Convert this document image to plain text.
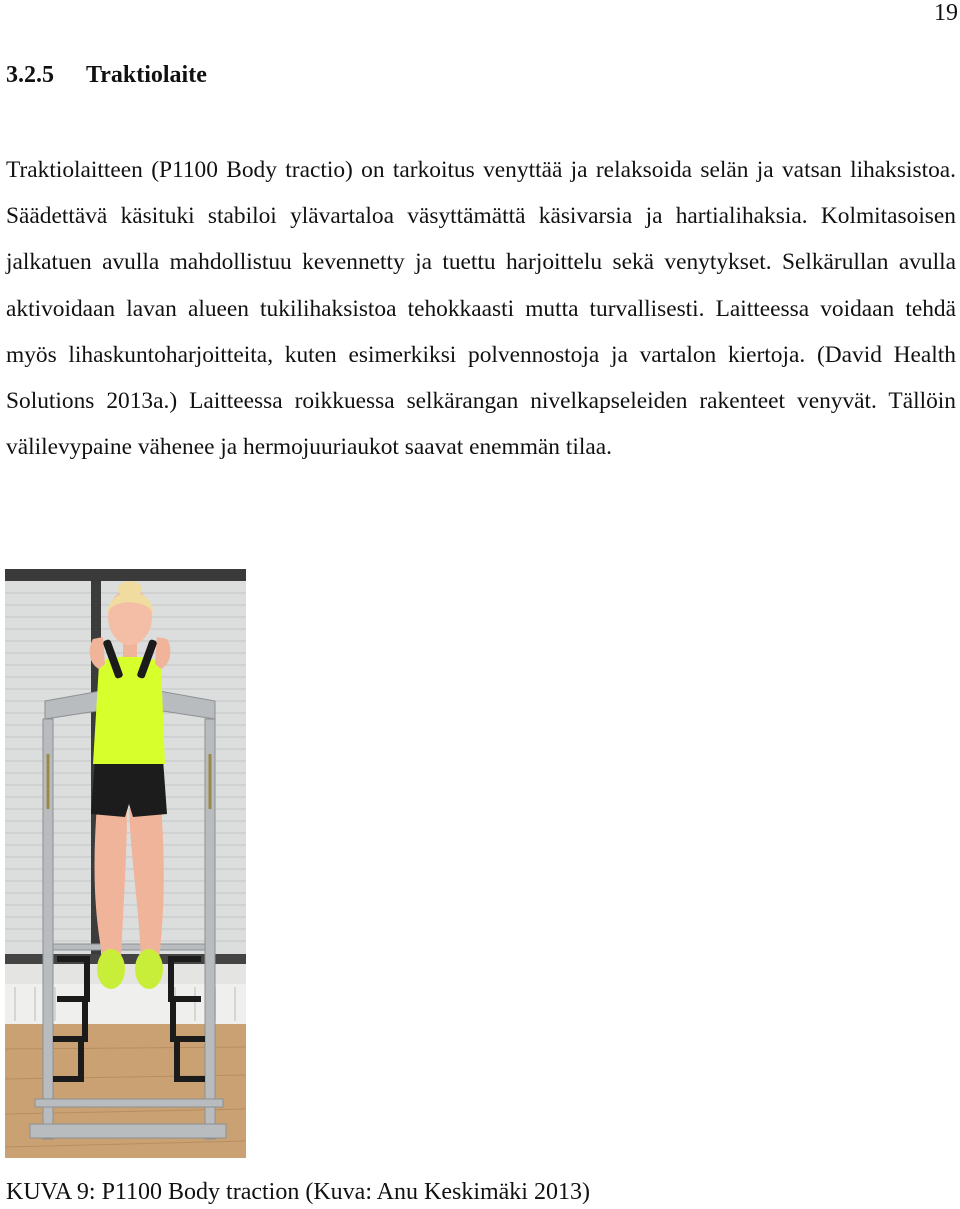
19
3.2.5 Traktiolaite
Traktiolaitteen (P1100 Body tractio) on tarkoitus venyttää ja relaksoida selän ja vatsan lihaksistoa. Säädettävä käsituki stabiloi ylävartaloa väsyttämättä käsivarsia ja hartialihaksia. Kolmitasoisen jalkatuen avulla mahdollistuu kevennetty ja tuettu harjoittelu sekä venytykset. Selkärullan avulla aktivoidaan lavan alueen tukilihaksistoa tehokkaasti mutta turvallisesti. Laitteessa voidaan tehdä myös lihaskuntoharjoitteita, kuten esimerkiksi polvennostoja ja vartalon kiertoja. (David Health Solutions 2013a.) Laitteessa roikkuessa selkärangan nivelkapseleiden rakenteet venyvät. Tällöin välilevypaine vähenee ja hermojuuriaukot saavat enemmän tilaa.
KUVA 9: P1100 Body traction (Kuva: Anu Keskimäki 2013)
